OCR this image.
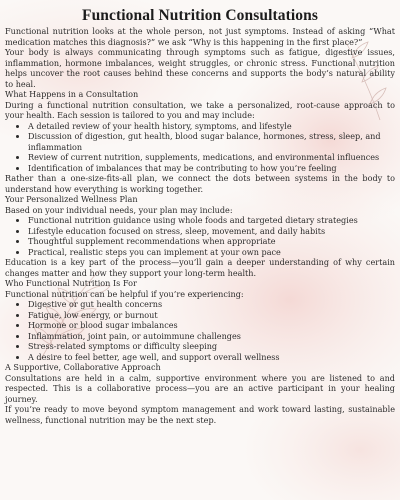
Functional Nutrition Consultations

Functional nutrition looks at the whole person, not just symptoms. Instead of asking “What medication matches this diagnosis?” we ask “Why is this happening in the first place?”

Your body is always communicating through symptoms such as fatigue, digestive issues, inflammation, hormone imbalances, weight struggles, or chronic stress. Functional nutrition helps uncover the root causes behind these concerns and supports the body’s natural ability to heal.

What Happens in a Consultation

During a functional nutrition consultation, we take a personalized, root-cause approach to your health. Each session is tailored to you and may include:

• A detailed review of your health history, symptoms, and lifestyle
• Discussion of digestion, gut health, blood sugar balance, hormones, stress, sleep, and inflammation
• Review of current nutrition, supplements, medications, and environmental influences
• Identification of imbalances that may be contributing to how you’re feeling

Rather than a one-size-fits-all plan, we connect the dots between systems in the body to understand how everything is working together.

Your Personalized Wellness Plan

Based on your individual needs, your plan may include:

• Functional nutrition guidance using whole foods and targeted dietary strategies
• Lifestyle education focused on stress, sleep, movement, and daily habits
• Thoughtful supplement recommendations when appropriate
• Practical, realistic steps you can implement at your own pace

Education is a key part of the process—you’ll gain a deeper understanding of why certain changes matter and how they support your long-term health.

Who Functional Nutrition Is For

Functional nutrition can be helpful if you’re experiencing:

• Digestive or gut health concerns
• Fatigue, low energy, or burnout
• Hormone or blood sugar imbalances
• Inflammation, joint pain, or autoimmune challenges
• Stress-related symptoms or difficulty sleeping
• A desire to feel better, age well, and support overall wellness

A Supportive, Collaborative Approach

Consultations are held in a calm, supportive environment where you are listened to and respected. This is a collaborative process—you are an active participant in your healing journey.

If you’re ready to move beyond symptom management and work toward lasting, sustainable wellness, functional nutrition may be the next step.
